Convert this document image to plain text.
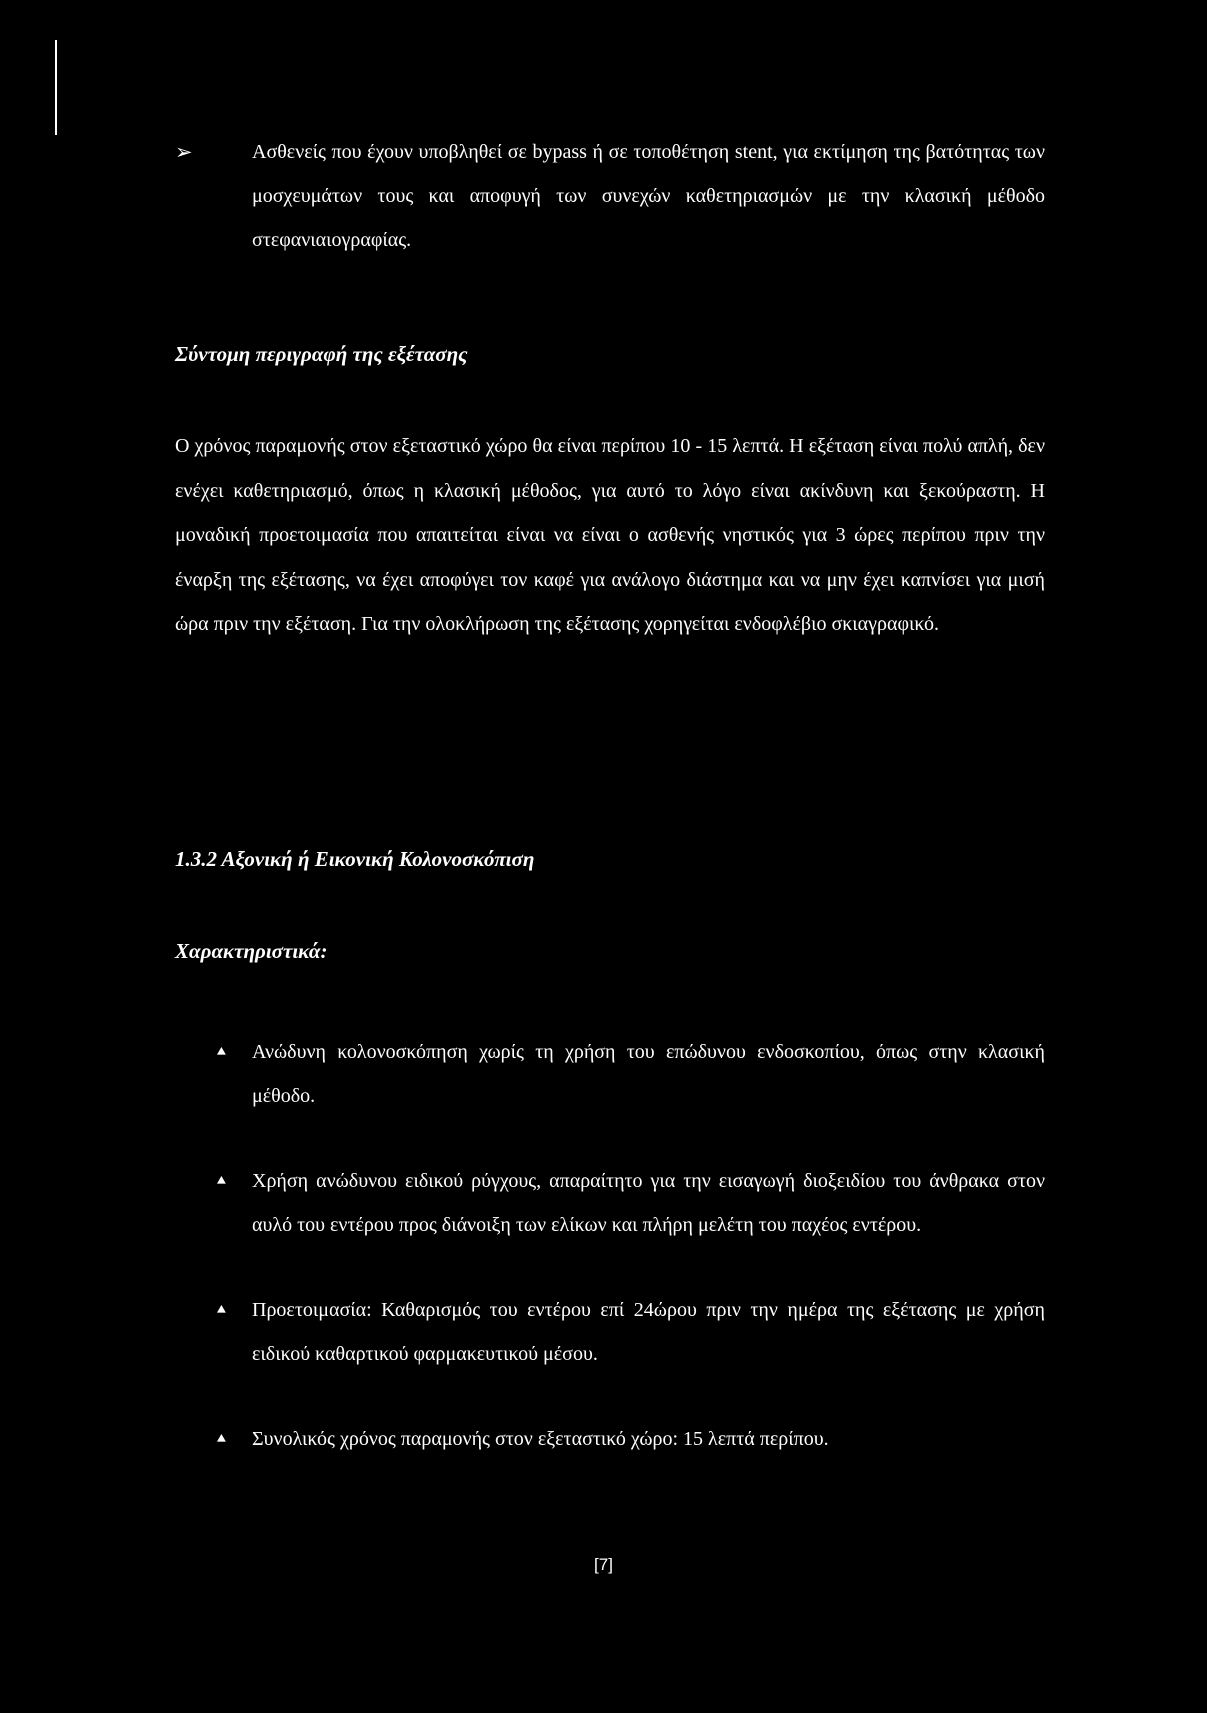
➢	Ασθενείς που έχουν υποβληθεί σε bypass ή σε τοποθέτηση stent, για εκτίμηση της βατότητας των μοσχευμάτων τους και αποφυγή των συνεχών καθετηριασμών με την κλασική μέθοδο στεφανιαιογραφίας.
Σύντομη περιγραφή της εξέτασης

Ο χρόνος παραμονής στον εξεταστικό χώρο θα είναι περίπου 10 - 15 λεπτά. Η εξέταση είναι πολύ απλή, δεν ενέχει καθετηριασμό, όπως η κλασική μέθοδος, για αυτό το λόγο είναι ακίνδυνη και ξεκούραστη. Η μοναδική προετοιμασία που απαιτείται είναι να είναι ο ασθενής νηστικός για 3 ώρες περίπου πριν την έναρξη της εξέτασης, να έχει αποφύγει τον καφέ για ανάλογο διάστημα και να μην έχει καπνίσει για μισή ώρα πριν την εξέταση. Για την ολοκλήρωση της εξέτασης χορηγείται ενδοφλέβιο σκιαγραφικό.

1.3.2 Αξονική ή Εικονική Κολονοσκόπιση
Χαρακτηριστικά:
⯅ Ανώδυνη κολονοσκόπηση χωρίς τη χρήση του επώδυνου ενδοσκοπίου, όπως στην κλασική μέθοδο.
⯅ Χρήση ανώδυνου ειδικού ρύγχους, απαραίτητο για την εισαγωγή διοξειδίου του άνθρακα στον αυλό του εντέρου προς διάνοιξη των ελίκων και πλήρη μελέτη του παχέος εντέρου.
⯅ Προετοιμασία: Καθαρισμός του εντέρου επί 24ώρου πριν την ημέρα της εξέτασης με χρήση ειδικού καθαρτικού φαρμακευτικού μέσου.
⯅ Συνολικός χρόνος παραμονής στον εξεταστικό χώρο: 15 λεπτά περίπου.
[7]
